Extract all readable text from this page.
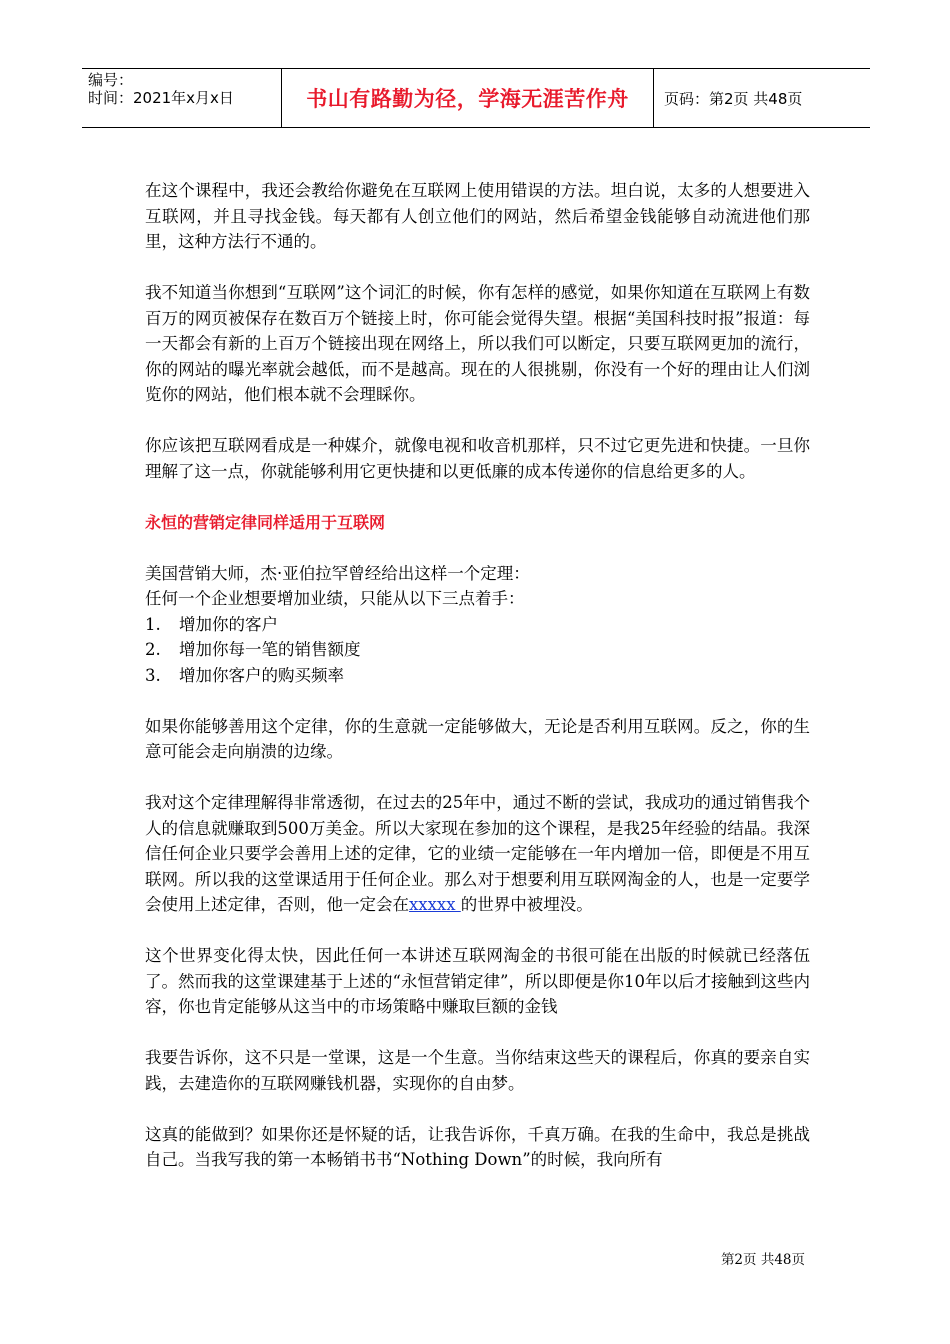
编号：
时间：2021年x月x日	书山有路勤为径，学海无涯苦作舟	页码：第2页 共48页

在这个课程中，我还会教给你避免在互联网上使用错误的方法。坦白说，太多的人想要进入互联网，并且寻找金钱。每天都有人创立他们的网站，然后希望金钱能够自动流进他们那里，这种方法行不通的。

我不知道当你想到“互联网”这个词汇的时候，你有怎样的感觉，如果你知道在互联网上有数百万的网页被保存在数百万个链接上时，你可能会觉得失望。根据“美国科技时报”报道：每一天都会有新的上百万个链接出现在网络上，所以我们可以断定，只要互联网更加的流行，你的网站的曝光率就会越低，而不是越高。现在的人很挑剔，你没有一个好的理由让人们浏览你的网站，他们根本就不会理睬你。

你应该把互联网看成是一种媒介，就像电视和收音机那样，只不过它更先进和快捷。一旦你理解了这一点，你就能够利用它更快捷和以更低廉的成本传递你的信息给更多的人。

永恒的营销定律同样适用于互联网

美国营销大师，杰·亚伯拉罕曾经给出这样一个定理：

任何一个企业想要增加业绩，只能从以下三点着手：

1.	增加你的客户
2.	增加你每一笔的销售额度
3.	增加你客户的购买频率

如果你能够善用这个定律，你的生意就一定能够做大，无论是否利用互联网。反之，你的生意可能会走向崩溃的边缘。

我对这个定律理解得非常透彻，在过去的25年中，通过不断的尝试，我成功的通过销售我个人的信息就赚取到500万美金。所以大家现在参加的这个课程，是我25年经验的结晶。我深信任何企业只要学会善用上述的定律，它的业绩一定能够在一年内增加一倍，即便是不用互联网。所以我的这堂课适用于任何企业。那么对于想要利用互联网淘金的人，也是一定要学会使用上述定律，否则，他一定会在xxxxx 的世界中被埋没。

这个世界变化得太快，因此任何一本讲述互联网淘金的书很可能在出版的时候就已经落伍了。然而我的这堂课建基于上述的“永恒营销定律”，所以即便是你10年以后才接触到这些内容，你也肯定能够从这当中的市场策略中赚取巨额的金钱

我要告诉你，这不只是一堂课，这是一个生意。当你结束这些天的课程后，你真的要亲自实践，去建造你的互联网赚钱机器，实现你的自由梦。

这真的能做到？如果你还是怀疑的话，让我告诉你，千真万确。在我的生命中，我总是挑战自己。当我写我的第一本畅销书书“Nothing Down”的时候，我向所有

第2页 共48页
